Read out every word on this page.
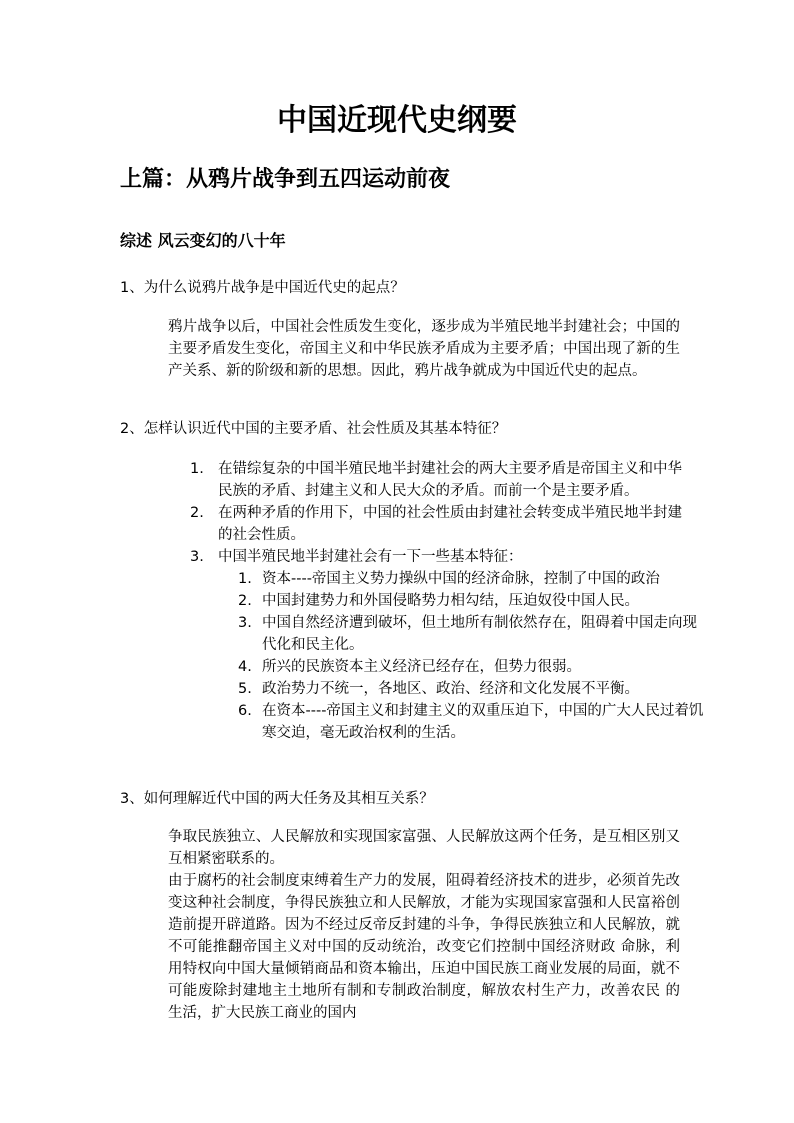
中国近现代史纲要
上篇：从鸦片战争到五四运动前夜
综述 风云变幻的八十年
1、为什么说鸦片战争是中国近代史的起点？

鸦片战争以后，中国社会性质发生变化，逐步成为半殖民地半封建社会；中国的主要矛盾发生变化，帝国主义和中华民族矛盾成为主要矛盾；中国出现了新的生产关系、新的阶级和新的思想。因此，鸦片战争就成为中国近代史的起点。

2、怎样认识近代中国的主要矛盾、社会性质及其基本特征？
1. 在错综复杂的中国半殖民地半封建社会的两大主要矛盾是帝国主义和中华民族的矛盾、封建主义和人民大众的矛盾。而前一个是主要矛盾。
2. 在两种矛盾的作用下，中国的社会性质由封建社会转变成半殖民地半封建的社会性质。
3. 中国半殖民地半封建社会有一下一些基本特征：
1. 资本----帝国主义势力操纵中国的经济命脉，控制了中国的政治
2. 中国封建势力和外国侵略势力相勾结，压迫奴役中国人民。
3. 中国自然经济遭到破坏，但土地所有制依然存在，阻碍着中国走向现代化和民主化。
4. 所兴的民族资本主义经济已经存在，但势力很弱。
5. 政治势力不统一，各地区、政治、经济和文化发展不平衡。
6. 在资本----帝国主义和封建主义的双重压迫下，中国的广大人民过着饥寒交迫，毫无政治权利的生活。
3、如何理解近代中国的两大任务及其相互关系？

争取民族独立、人民解放和实现国家富强、人民解放这两个任务，是互相区别又互相紧密联系的。

由于腐朽的社会制度束缚着生产力的发展，阻碍着经济技术的进步，必须首先改变这种社会制度，争得民族独立和人民解放，才能为实现国家富强和人民富裕创造前提开辟道路。因为不经过反帝反封建的斗争，争得民族独立和人民解放，就不可能推翻帝国主义对中国的反动统治，改变它们控制中国经济财政 命脉，利用特权向中国大量倾销商品和资本输出，压迫中国民族工商业发展的局面，就不可能废除封建地主土地所有制和专制政治制度，解放农村生产力，改善农民 的生活，扩大民族工商业的国内
